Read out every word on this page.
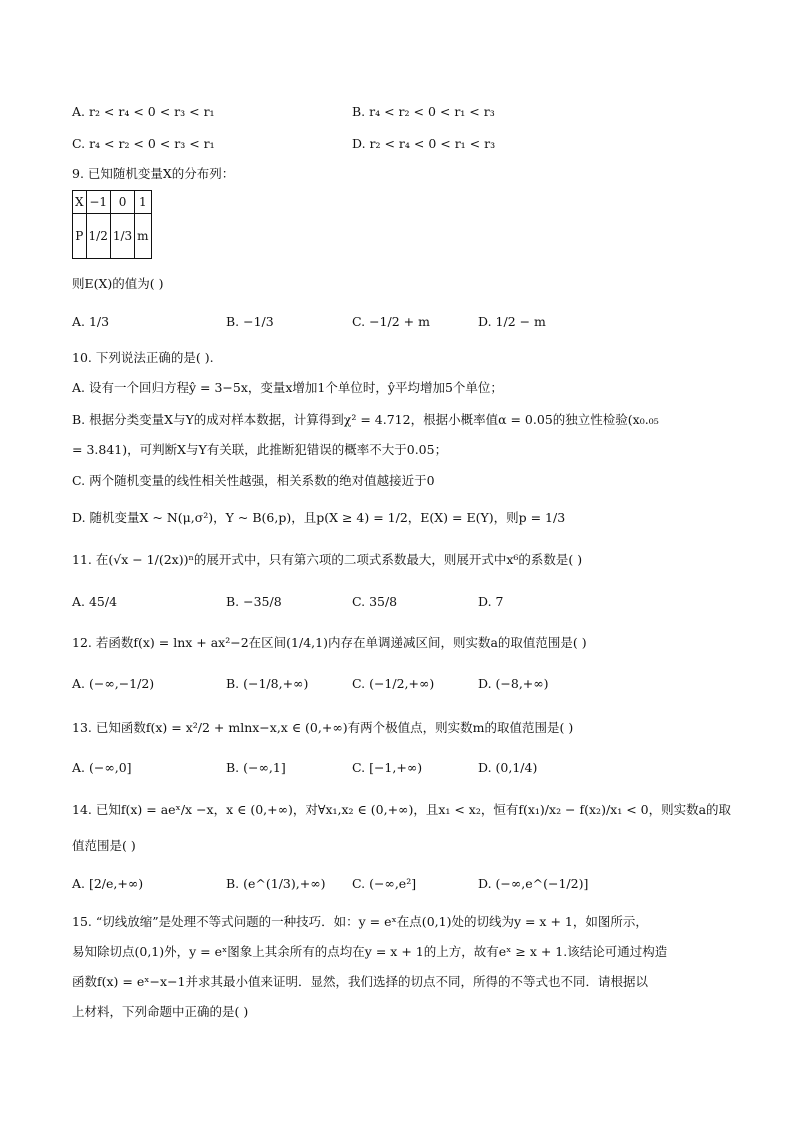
A. r₂ < r₄ < 0 < r₃ < r₁	B. r₄ < r₂ < 0 < r₁ < r₃
C. r₄ < r₂ < 0 < r₃ < r₁	D. r₂ < r₄ < 0 < r₁ < r₃
9. 已知随机变量X的分布列：
X	−1	0	1
P	1/2	1/3	m
则E(X)的值为( )
A. 1/3	B. −1/3	C. −1/2 + m	D. 1/2 − m
10. 下列说法正确的是( ).
A. 设有一个回归方程ŷ = 3−5x，变量x增加1个单位时，ŷ平均增加5个单位；
B. 根据分类变量X与Y的成对样本数据，计算得到χ² = 4.712，根据小概率值α = 0.05的独立性检验(x₀.₀₅
= 3.841)，可判断X与Y有关联，此推断犯错误的概率不大于0.05；
C. 两个随机变量的线性相关性越强，相关系数的绝对值越接近于0
D. 随机变量X ~ N(μ,σ²)，Y ~ B(6,p)，且p(X ≥ 4) = 1/2，E(X) = E(Y)，则p = 1/3
11. 在(√x − 1/(2x))ⁿ的展开式中，只有第六项的二项式系数最大，则展开式中x⁶的系数是( )
A. 45/4	B. −35/8	C. 35/8	D. 7
12. 若函数f(x) = lnx + ax²−2在区间(1/4,1)内存在单调递减区间，则实数a的取值范围是( )
A. (−∞,−1/2)	B. (−1/8,+∞)	C. (−1/2,+∞)	D. (−8,+∞)
13. 已知函数f(x) = x²/2 + mlnx−x,x ∈ (0,+∞)有两个极值点，则实数m的取值范围是( )
A. (−∞,0]	B. (−∞,1]	C. [−1,+∞)	D. (0,1/4)
14. 已知f(x) = aeˣ/x −x，x ∈ (0,+∞)，对∀x₁,x₂ ∈ (0,+∞)，且x₁ < x₂，恒有f(x₁)/x₂ − f(x₂)/x₁ < 0，则实数a的取
值范围是( )
A. [2/e,+∞)	B. (e^(1/3),+∞) C. (−∞,e²]	D. (−∞,e^(−1/2)]
15. “切线放缩”是处理不等式问题的一种技巧．如：y = eˣ在点(0,1)处的切线为y = x + 1，如图所示，
易知除切点(0,1)外，y = eˣ图象上其余所有的点均在y = x + 1的上方，故有eˣ ≥ x + 1.该结论可通过构造
函数f(x) = eˣ−x−1并求其最小值来证明．显然，我们选择的切点不同，所得的不等式也不同．请根据以
上材料，下列命题中正确的是( )
